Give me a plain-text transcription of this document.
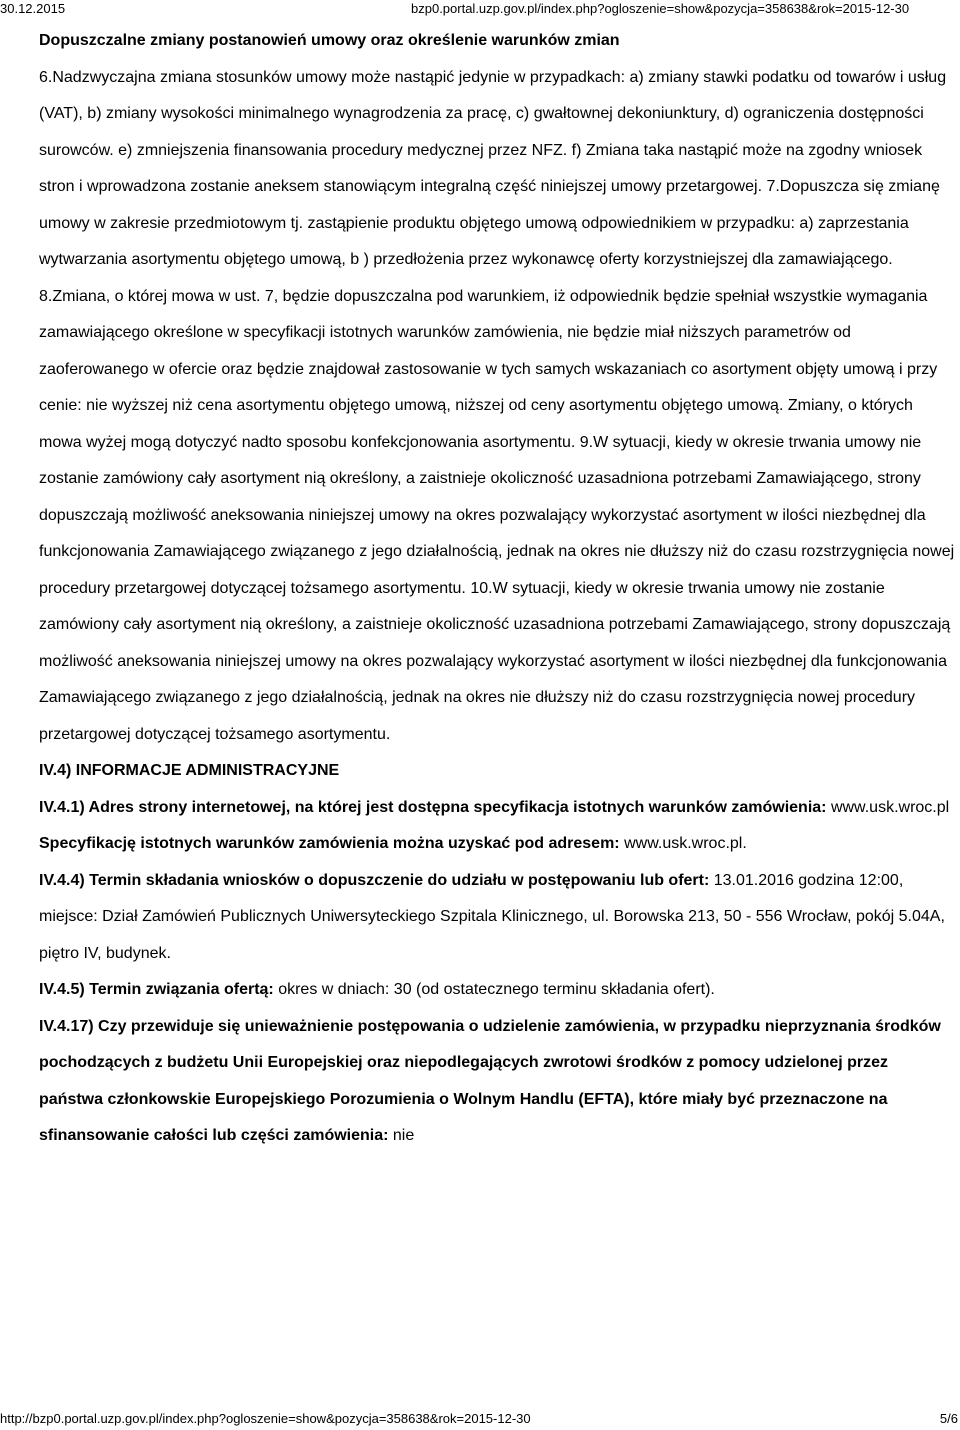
30.12.2015	bzp0.portal.uzp.gov.pl/index.php?ogloszenie=show&pozycja=358638&rok=2015-12-30

Dopuszczalne zmiany postanowień umowy oraz określenie warunków zmian

6.Nadzwyczajna zmiana stosunków umowy może nastąpić jedynie w przypadkach: a) zmiany stawki podatku od towarów i usług (VAT), b) zmiany wysokości minimalnego wynagrodzenia za pracę, c) gwałtownej dekoniunktury, d) ograniczenia dostępności surowców. e) zmniejszenia finansowania procedury medycznej przez NFZ. f) Zmiana taka nastąpić może na zgodny wniosek stron i wprowadzona zostanie aneksem stanowiącym integralną część niniejszej umowy przetargowej. 7.Dopuszcza się zmianę umowy w zakresie przedmiotowym tj. zastąpienie produktu objętego umową odpowiednikiem w przypadku: a) zaprzestania wytwarzania asortymentu objętego umową, b ) przedłożenia przez wykonawcę oferty korzystniejszej dla zamawiającego. 8.Zmiana, o której mowa w ust. 7, będzie dopuszczalna pod warunkiem, iż odpowiednik będzie spełniał wszystkie wymagania zamawiającego określone w specyfikacji istotnych warunków zamówienia, nie będzie miał niższych parametrów od zaoferowanego w ofercie oraz będzie znajdował zastosowanie w tych samych wskazaniach co asortyment objęty umową i przy cenie: nie wyższej niż cena asortymentu objętego umową, niższej od ceny asortymentu objętego umową. Zmiany, o których mowa wyżej mogą dotyczyć nadto sposobu konfekcjonowania asortymentu. 9.W sytuacji, kiedy w okresie trwania umowy nie zostanie zamówiony cały asortyment nią określony, a zaistnieje okoliczność uzasadniona potrzebami Zamawiającego, strony dopuszczają możliwość aneksowania niniejszej umowy na okres pozwalający wykorzystać asortyment w ilości niezbędnej dla funkcjonowania Zamawiającego związanego z jego działalnością, jednak na okres nie dłuższy niż do czasu rozstrzygnięcia nowej procedury przetargowej dotyczącej tożsamego asortymentu. 10.W sytuacji, kiedy w okresie trwania umowy nie zostanie zamówiony cały asortyment nią określony, a zaistnieje okoliczność uzasadniona potrzebami Zamawiającego, strony dopuszczają możliwość aneksowania niniejszej umowy na okres pozwalający wykorzystać asortyment w ilości niezbędnej dla funkcjonowania Zamawiającego związanego z jego działalnością, jednak na okres nie dłuższy niż do czasu rozstrzygnięcia nowej procedury przetargowej dotyczącej tożsamego asortymentu.

IV.4) INFORMACJE ADMINISTRACYJNE

IV.4.1) Adres strony internetowej, na której jest dostępna specyfikacja istotnych warunków zamówienia: www.usk.wroc.pl

Specyfikację istotnych warunków zamówienia można uzyskać pod adresem: www.usk.wroc.pl.

IV.4.4) Termin składania wniosków o dopuszczenie do udziału w postępowaniu lub ofert: 13.01.2016 godzina 12:00, miejsce: Dział Zamówień Publicznych Uniwersyteckiego Szpitala Klinicznego, ul. Borowska 213, 50 - 556 Wrocław, pokój 5.04A, piętro IV, budynek.

IV.4.5) Termin związania ofertą: okres w dniach: 30 (od ostatecznego terminu składania ofert).

IV.4.17) Czy przewiduje się unieważnienie postępowania o udzielenie zamówienia, w przypadku nieprzyznania środków pochodzących z budżetu Unii Europejskiej oraz niepodlegających zwrotowi środków z pomocy udzielonej przez państwa członkowskie Europejskiego Porozumienia o Wolnym Handlu (EFTA), które miały być przeznaczone na sfinansowanie całości lub części zamówienia: nie

http://bzp0.portal.uzp.gov.pl/index.php?ogloszenie=show&pozycja=358638&rok=2015-12-30	5/6
